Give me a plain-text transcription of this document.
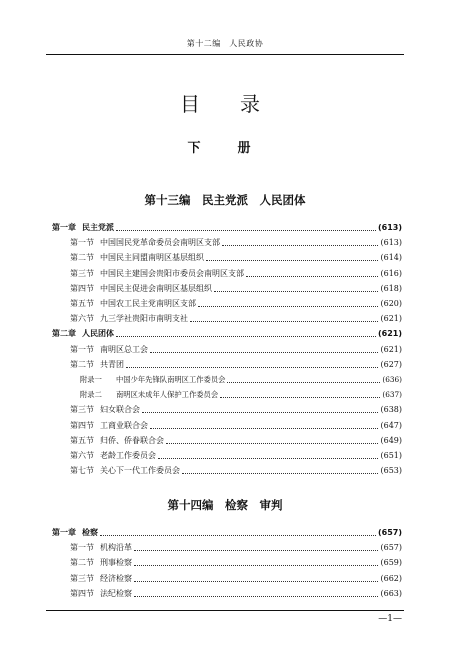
第十二编　人民政协
目　录
下　册
第十三编　民主党派　人民团体
第十四编　检察　审判
第一章 民主党派	(613)
第一节 中国国民党革命委员会南明区支部	(613)
第二节 中国民主同盟南明区基层组织	(614)
第三节 中国民主建国会贵阳市委员会南明区支部	(616)
第四节 中国民主促进会南明区基层组织	(618)
第五节 中国农工民主党南明区支部	(620)
第六节 九三学社贵阳市南明支社	(621)
第二章 人民团体	(621)
第一节 南明区总工会	(621)
第二节 共青团	(627)
附录一	中国少年先锋队南明区工作委员会	(636)
附录二	南明区未成年人保护工作委员会	(637)
第三节 妇女联合会	(638)
第四节 工商业联合会	(647)
第五节 归侨、侨眷联合会	(649)
第六节 老龄工作委员会	(651)
第七节 关心下一代工作委员会	(653)
第一章 检察	(657)
第一节 机构沿革	(657)
第二节 刑事检察	(659)
第三节 经济检察	(662)
第四节 法纪检察	(663)
—1—
